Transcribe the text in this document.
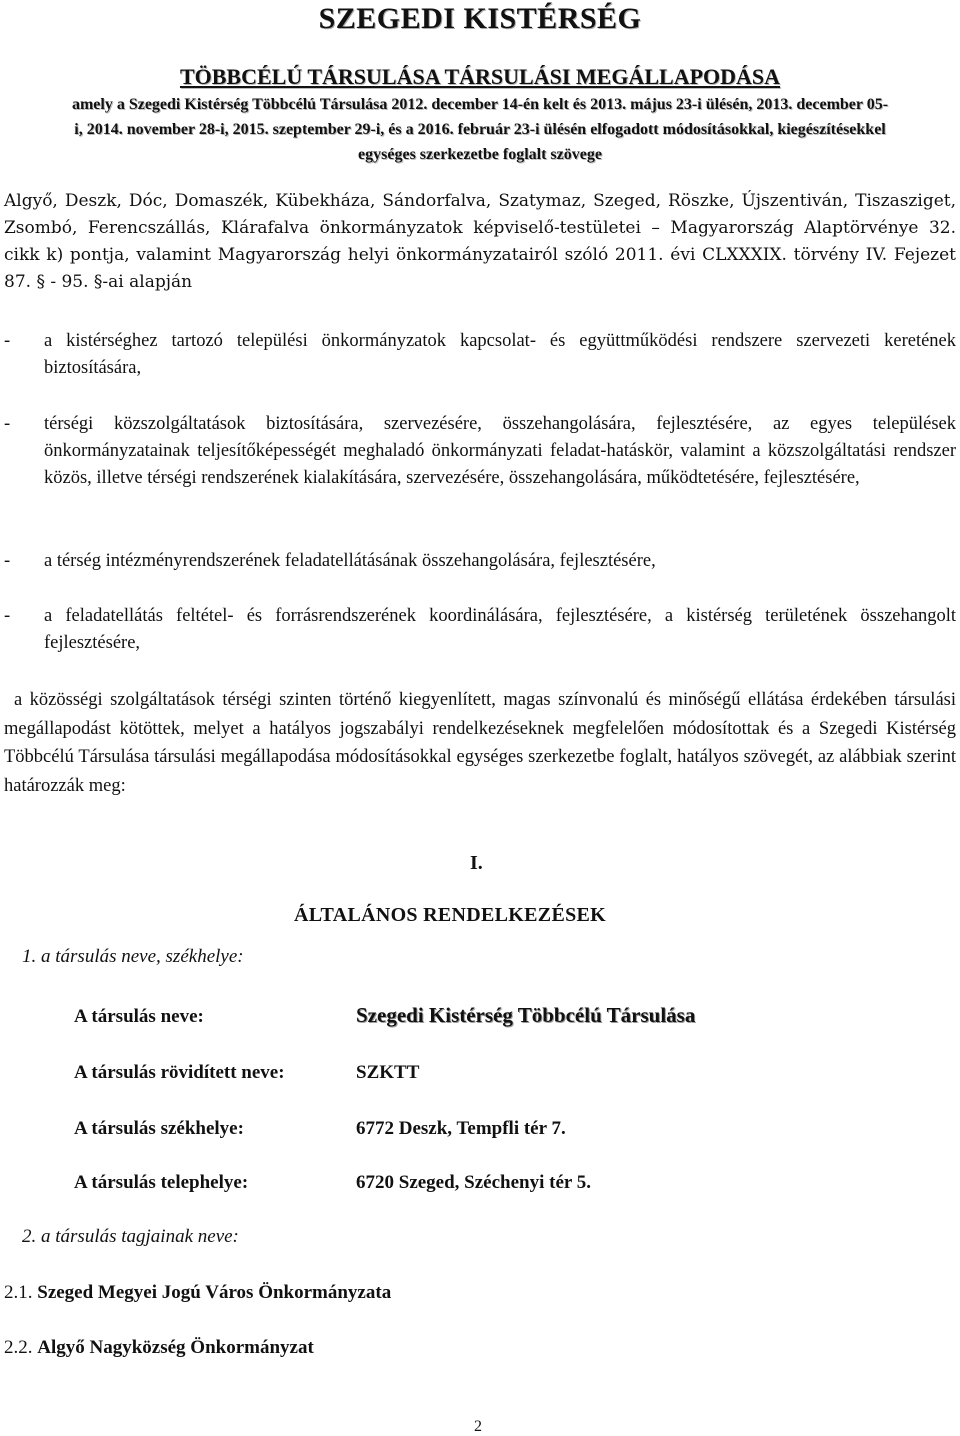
SZEGEDI KISTÉRSÉG
TÖBBCÉLÚ TÁRSULÁSA TÁRSULÁSI MEGÁLLAPODÁSA
amely a Szegedi Kistérség Többcélú Társulása 2012. december 14-én kelt és 2013. május 23-i ülésén, 2013. december 05-i, 2014. november 28-i, 2015. szeptember 29-i, és a 2016. február 23-i ülésén elfogadott módosításokkal, kiegészítésekkel egységes szerkezetbe foglalt szövege
Algyő, Deszk, Dóc, Domaszék, Kübekháza, Sándorfalva, Szatymaz, Szeged, Röszke, Újszentiván, Tiszasziget, Zsombó, Ferencszállás, Klárafalva önkormányzatok képviselő-testületei – Magyarország Alaptörvénye 32. cikk k) pontja, valamint Magyarország helyi önkormányzatairól szóló 2011. évi CLXXXIX. törvény IV. Fejezet 87. § - 95. §-ai alapján
- a kistérséghez tartozó települési önkormányzatok kapcsolat- és együttműködési rendszere szervezeti keretének biztosítására,
- térségi közszolgáltatások biztosítására, szervezésére, összehangolására, fejlesztésére, az egyes települések önkormányzatainak teljesítőképességét meghaladó önkormányzati feladat-hatáskör, valamint a közszolgáltatási rendszer közös, illetve térségi rendszerének kialakítására, szervezésére, összehangolására, működtetésére, fejlesztésére,
- a térség intézményrendszerének feladatellátásának összehangolására, fejlesztésére,
- a feladatellátás feltétel- és forrásrendszerének koordinálására, fejlesztésére, a kistérség területének összehangolt fejlesztésére,
a közösségi szolgáltatások térségi szinten történő kiegyenlített, magas színvonalú és minőségű ellátása érdekében társulási megállapodást kötöttek, melyet a hatályos jogszabályi rendelkezéseknek megfelelően módosítottak és a Szegedi Kistérség Többcélú Társulása társulási megállapodása módosításokkal egységes szerkezetbe foglalt, hatályos szövegét, az alábbiak szerint határozzák meg:
I.
ÁLTALÁNOS RENDELKEZÉSEK
1. a társulás neve, székhelye:
A társulás neve:	Szegedi Kistérség Többcélú Társulása
A társulás rövidített neve:	SZKTT
A társulás székhelye:	6772 Deszk, Tempfli tér 7.
A társulás telephelye:	6720 Szeged, Széchenyi tér 5.
2. a társulás tagjainak neve:
2.1. Szeged Megyei Jogú Város Önkormányzata
2.2. Algyő Nagyközség Önkormányzat
2
